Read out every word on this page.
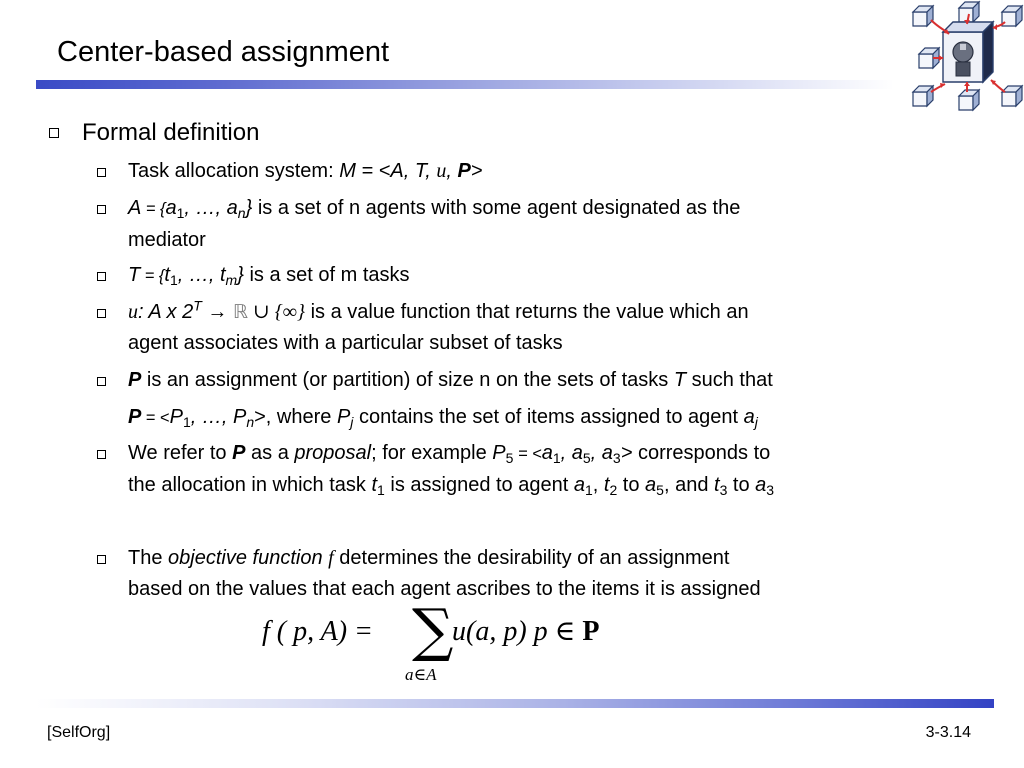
Center-based assignment
Formal definition
Task allocation system: M = <A, T, u, P>
$A = \{a_1$, …, $a_n$} is a set of n agents with some agent designated as the
mediator
$T = \{t_1$, …, $t_m$} is a set of m tasks
u: A x $2^T$ → ℝ ∪ {∞} is a value function that returns the value which an
agent associates with a particular subset of tasks
P is an assignment (or partition) of size n on the sets of tasks T such that
$P = <P_1$, …, $P_n>$, where $P_j$ contains the set of items assigned to agent $a_j$
We refer to P as a proposal; for example $P_5 = <a_1$, $a_5$, $a_3>$ corresponds to
the allocation in which task $t_1$ is assigned to agent $a_1$, $t_2$ to $a_5$, and $t_3$ to $a_3$
The objective function f determines the desirability of an assignment
based on the values that each agent ascribes to the items it is assigned
f ( p, A) = ∑
a∈A
u(a, p) p ∈ P
[SelfOrg]	3-3.14
